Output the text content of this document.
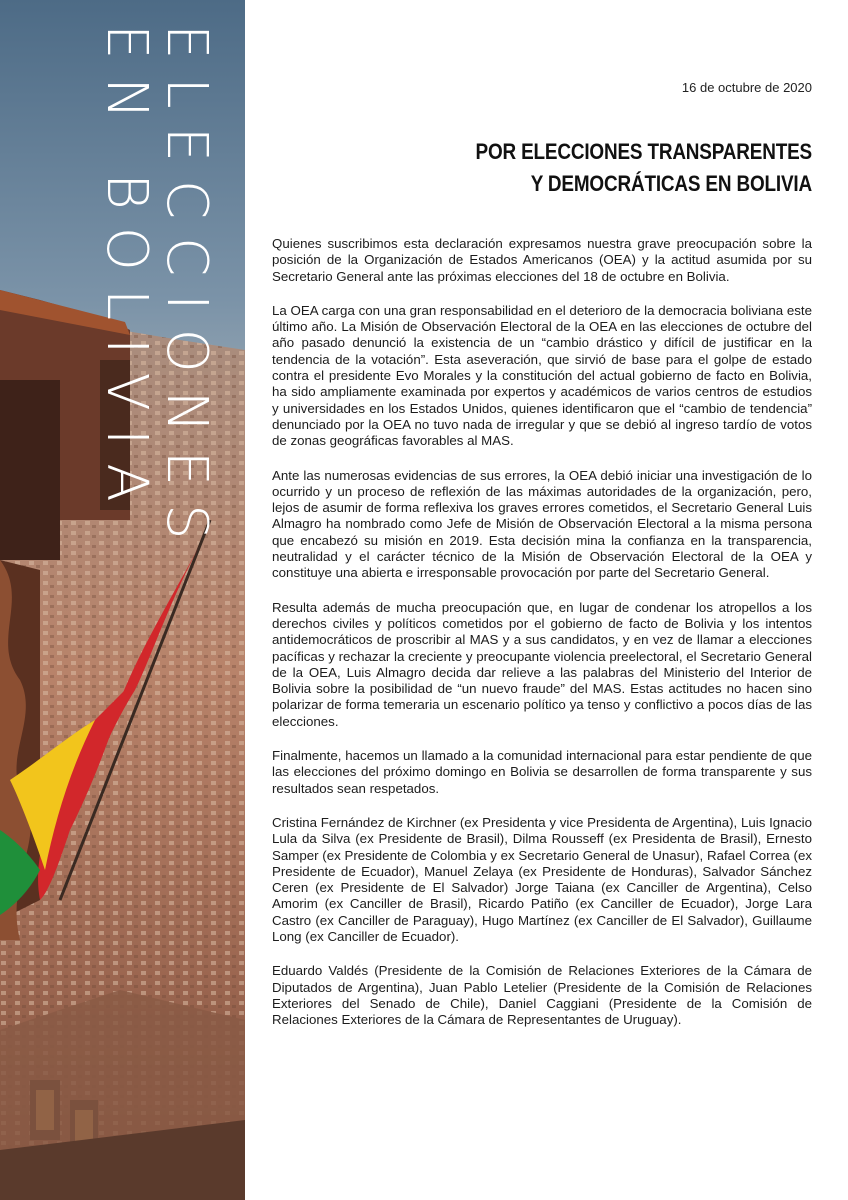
ELECCIONES
EN BOLIVIA	16 de octubre de 2020
POR ELECCIONES TRANSPARENTES
Y DEMOCRÁTICAS EN BOLIVIA

Quienes suscribimos esta declaración expresamos nuestra grave preocupación sobre la posición de la Organización de Estados Americanos (OEA) y la actitud asumida por su Secretario General ante las próximas elecciones del 18 de octubre en Bolivia.

La OEA carga con una gran responsabilidad en el deterioro de la democracia boliviana este último año. La Misión de Observación Electoral de la OEA en las elecciones de octubre del año pasado denunció la existencia de un “cambio drástico y difícil de justificar en la tendencia de la votación”. Esta aseveración, que sirvió de base para el golpe de estado contra el presidente Evo Morales y la constitución del actual gobierno de facto en Bolivia, ha sido ampliamente examinada por expertos y académicos de varios centros de estudios y universidades en los Estados Unidos, quienes identificaron que el “cambio de tendencia” denunciado por la OEA no tuvo nada de irregular y que se debió al ingreso tardío de votos de zonas geográficas favorables al MAS.

Ante las numerosas evidencias de sus errores, la OEA debió iniciar una investigación de lo ocurrido y un proceso de reflexión de las máximas autoridades de la organización, pero, lejos de asumir de forma reflexiva los graves errores cometidos, el Secretario General Luis Almagro ha nombrado como Jefe de Misión de Observación Electoral a la misma persona que encabezó su misión en 2019. Esta decisión mina la confianza en la transparencia, neutralidad y el carácter técnico de la Misión de Observación Electoral de la OEA y constituye una abierta e irresponsable provocación por parte del Secretario General.

Resulta además de mucha preocupación que, en lugar de condenar los atropellos a los derechos civiles y políticos cometidos por el gobierno de facto de Bolivia y los intentos antidemocráticos de proscribir al MAS y a sus candidatos, y en vez de llamar a elecciones pacíficas y rechazar la creciente y preocupante violencia preelectoral, el Secretario General de la OEA, Luis Almagro decida dar relieve a las palabras del Ministerio del Interior de Bolivia sobre la posibilidad de “un nuevo fraude” del MAS. Estas actitudes no hacen sino polarizar de forma temeraria un escenario político ya tenso y conflictivo a pocos días de las elecciones.

Finalmente, hacemos un llamado a la comunidad internacional para estar pendiente de que las elecciones del próximo domingo en Bolivia se desarrollen de forma transparente y sus resultados sean respetados.

Cristina Fernández de Kirchner (ex Presidenta y vice Presidenta de Argentina), Luis Ignacio Lula da Silva (ex Presidente de Brasil), Dilma Rousseff (ex Presidenta de Brasil), Ernesto Samper (ex Presidente de Colombia y ex Secretario General de Unasur), Rafael Correa (ex Presidente de Ecuador), Manuel Zelaya (ex Presidente de Honduras), Salvador Sánchez Ceren (ex Presidente de El Salvador) Jorge Taiana (ex Canciller de Argentina), Celso Amorim (ex Canciller de Brasil), Ricardo Patiño (ex Canciller de Ecuador), Jorge Lara Castro (ex Canciller de Paraguay), Hugo Martínez (ex Canciller de El Salvador), Guillaume Long (ex Canciller de Ecuador).

Eduardo Valdés (Presidente de la Comisión de Relaciones Exteriores de la Cámara de Diputados de Argentina), Juan Pablo Letelier (Presidente de la Comisión de Relaciones Exteriores del Senado de Chile), Daniel Caggiani (Presidente de la Comisión de Relaciones Exteriores de la Cámara de Representantes de Uruguay).
